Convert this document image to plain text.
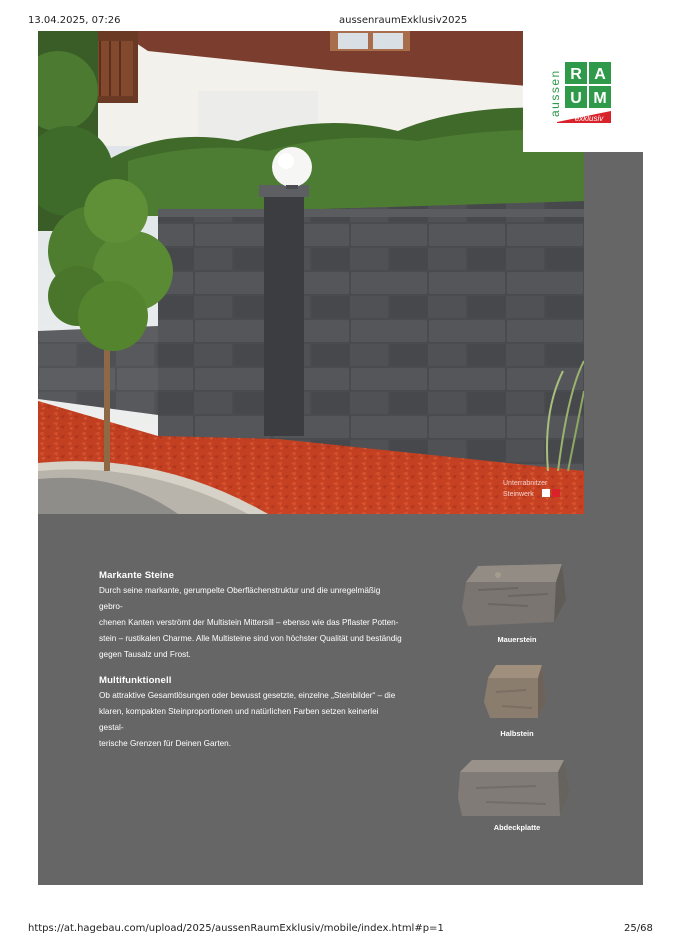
13.04.2025, 07:26	aussenraumExklusiv2025
Unterrabnitzer
Steinwerk
aussen R A
U M
exklusiv
Markante Steine

Durch seine markante, gerumpelte Oberflächenstruktur und die unregelmäßig gebro-
chenen Kanten verströmt der Multistein Mittersill – ebenso wie das Pflaster Potten-
stein – rustikalen Charme. Alle Multisteine sind von höchster Qualität und beständig
gegen Tausalz und Frost.

Multifunktionell

Ob attraktive Gesamtlösungen oder bewusst gesetzte, einzelne „Steinbilder“ – die
klaren, kompakten Steinproportionen und natürlichen Farben setzen keinerlei gestal-
terische Grenzen für Deinen Garten.

Mauerstein
Halbstein
Abdeckplatte
https://at.hagebau.com/upload/2025/aussenRaumExklusiv/mobile/index.html#p=1	25/68
